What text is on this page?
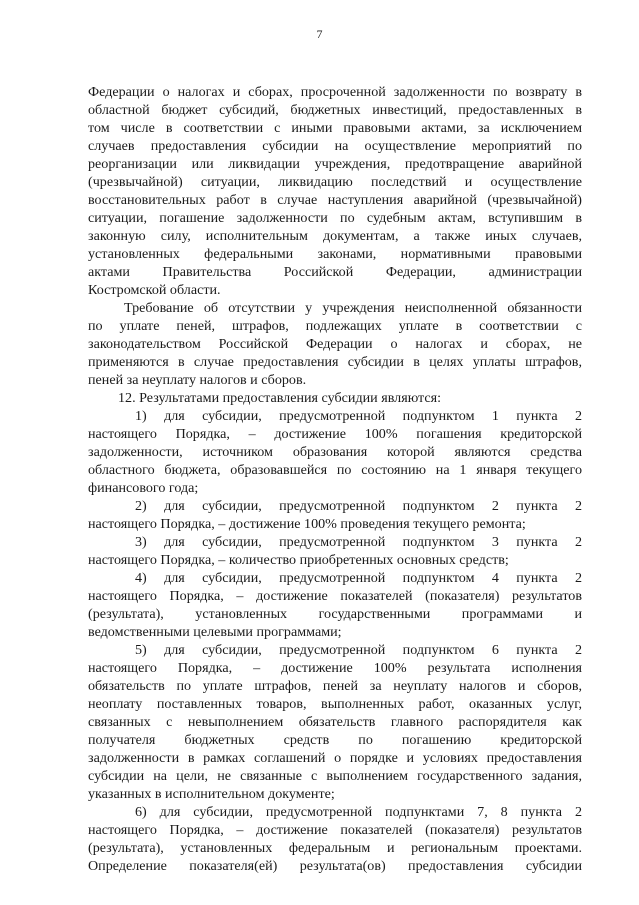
7

Федерации о налогах и сборах, просроченной задолженности по возврату в
областной бюджет субсидий, бюджетных инвестиций, предоставленных в
том числе в соответствии с иными правовыми актами, за исключением
случаев предоставления субсидии на осуществление мероприятий по
реорганизации или ликвидации учреждения, предотвращение аварийной
(чрезвычайной) ситуации, ликвидацию последствий и осуществление
восстановительных работ в случае наступления аварийной (чрезвычайной)
ситуации, погашение задолженности по судебным актам, вступившим в
законную силу, исполнительным документам, а также иных случаев,
установленных федеральными законами, нормативными правовыми
актами Правительства Российской Федерации, администрации
Костромской области.

Требование об отсутствии у учреждения неисполненной обязанности
по уплате пеней, штрафов, подлежащих уплате в соответствии с
законодательством Российской Федерации о налогах и сборах, не
применяются в случае предоставления субсидии в целях уплаты штрафов,
пеней за неуплату налогов и сборов.

12. Результатами предоставления субсидии являются:

1) для субсидии, предусмотренной подпунктом 1 пункта 2
настоящего Порядка, – достижение 100% погашения кредиторской
задолженности, источником образования которой являются средства
областного бюджета, образовавшейся по состоянию на 1 января текущего
финансового года;

2) для субсидии, предусмотренной подпунктом 2 пункта 2
настоящего Порядка, – достижение 100% проведения текущего ремонта;

3) для субсидии, предусмотренной подпунктом 3 пункта 2
настоящего Порядка, – количество приобретенных основных средств;

4) для субсидии, предусмотренной подпунктом 4 пункта 2
настоящего Порядка, – достижение показателей (показателя) результатов
(результата), установленных государственными программами и
ведомственными целевыми программами;

5) для субсидии, предусмотренной подпунктом 6 пункта 2
настоящего Порядка, – достижение 100% результата исполнения
обязательств по уплате штрафов, пеней за неуплату налогов и сборов,
неоплату поставленных товаров, выполненных работ, оказанных услуг,
связанных с невыполнением обязательств главного распорядителя как
получателя бюджетных средств по погашению кредиторской
задолженности в рамках соглашений о порядке и условиях предоставления
субсидии на цели, не связанные с выполнением государственного задания,
указанных в исполнительном документе;

6) для субсидии, предусмотренной подпунктами 7, 8 пункта 2
настоящего Порядка, – достижение показателей (показателя) результатов
(результата), установленных федеральным и региональным проектами.
Определение показателя(ей) результата(ов) предоставления субсидии
